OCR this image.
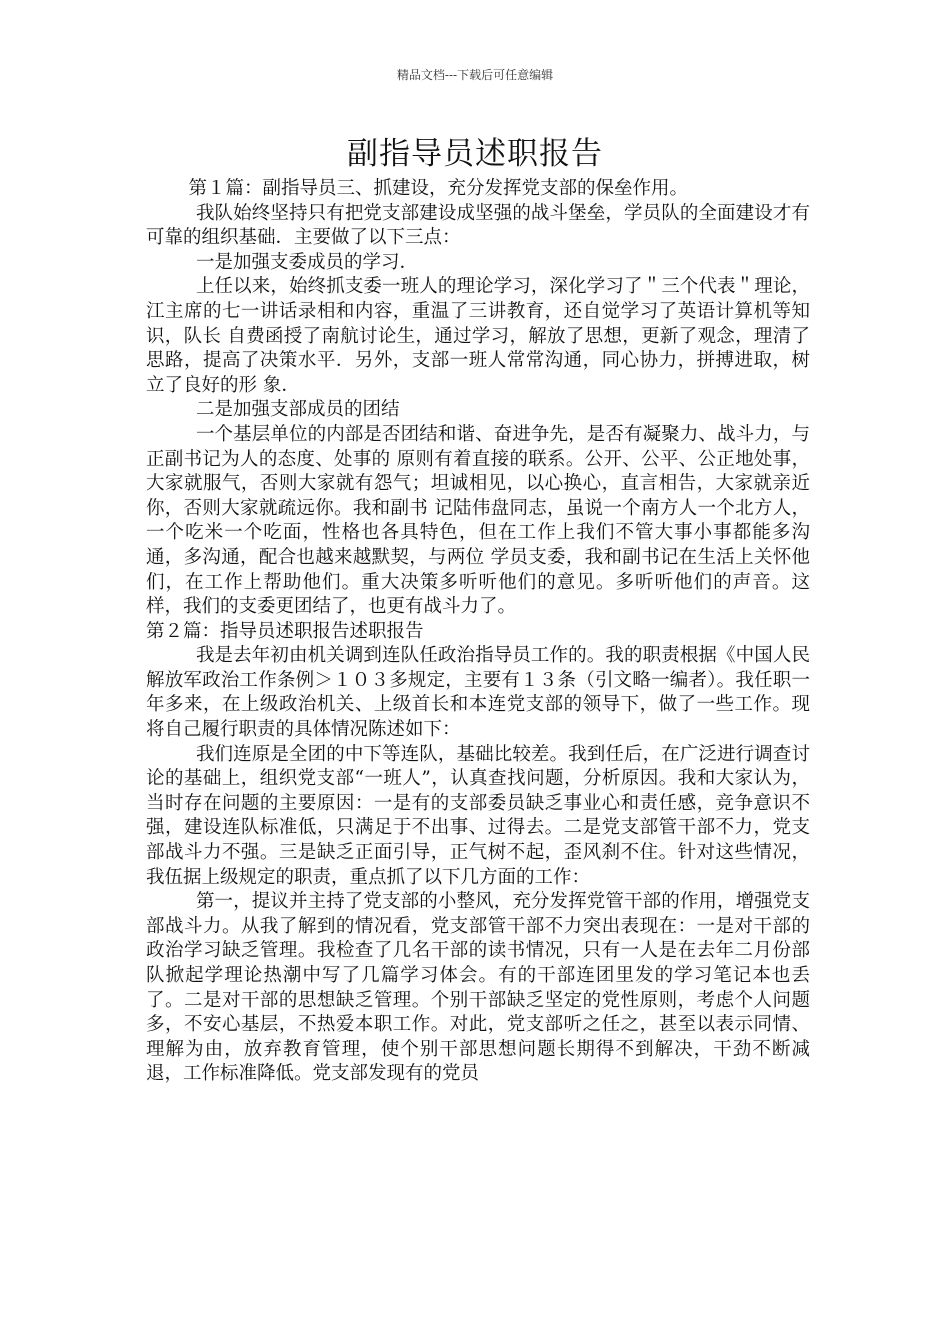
精品文档---下载后可任意编辑
副指导员述职报告

第１篇：副指导员三、抓建设，充分发挥党支部的保垒作用。

我队始终坚持只有把党支部建设成坚强的战斗堡垒，学员队的全面建设才有可靠的组织基础．主要做了以下三点：

一是加强支委成员的学习．

上任以来，始终抓支委一班人的理论学习，深化学习了＂三个代表＂理论，江主席的七一讲话录相和内容，重温了三讲教育，还自觉学习了英语计算机等知识，队长 自费函授了南航讨论生，通过学习，解放了思想，更新了观念，理清了思路，提高了决策水平．另外，支部一班人常常沟通，同心协力，拼搏进取，树立了良好的形 象．

二是加强支部成员的团结

一个基层单位的内部是否团结和谐、奋进争先，是否有凝聚力、战斗力，与正副书记为人的态度、处事的 原则有着直接的联系。公开、公平、公正地处事，大家就服气，否则大家就有怨气；坦诚相见，以心换心，直言相告，大家就亲近你，否则大家就疏远你。我和副书 记陆伟盘同志，虽说一个南方人一个北方人，一个吃米一个吃面，性格也各具特色，但在工作上我们不管大事小事都能多沟通，多沟通，配合也越来越默契，与两位 学员支委，我和副书记在生活上关怀他们，在工作上帮助他们。重大决策多听听他们的意见。多听听他们的声音。这样，我们的支委更团结了，也更有战斗力了。

第２篇：指导员述职报告述职报告

我是去年初由机关调到连队任政治指导员工作的。我的职责根据《中国人民解放军政治工作条例＞１０３多规定，主要有１３条（引文略一编者）。我任职一年多来，在上级政治机关、上级首长和本连党支部的领导下，做了一些工作。现将自己履行职责的具体情况陈述如下：

我们连原是全团的中下等连队，基础比较差。我到任后，在广泛进行调查讨论的基础上，组织党支部“一班人”，认真查找问题，分析原因。我和大家认为，当时存在问题的主要原因：一是有的支部委员缺乏事业心和责任感，竞争意识不强，建设连队标准低，只满足于不出事、过得去。二是党支部管干部不力，党支部战斗力不强。三是缺乏正面引导，正气树不起，歪风刹不住。针对这些情况，我伍据上级规定的职责，重点抓了以下几方面的工作：

第一，提议并主持了党支部的小整风，充分发挥党管干部的作用，增强党支部战斗力。从我了解到的情况看，党支部管干部不力突出表现在：一是对干部的政治学习缺乏管理。我检查了几名干部的读书情况，只有一人是在去年二月份部队掀起学理论热潮中写了几篇学习体会。有的干部连团里发的学习笔记本也丢了。二是对干部的思想缺乏管理。个别干部缺乏坚定的党性原则，考虑个人问题多，不安心基层，不热爱本职工作。对此，党支部听之任之，甚至以表示同情、理解为由，放弃教育管理，使个别干部思想问题长期得不到解决，干劲不断减退，工作标准降低。党支部发现有的党员
